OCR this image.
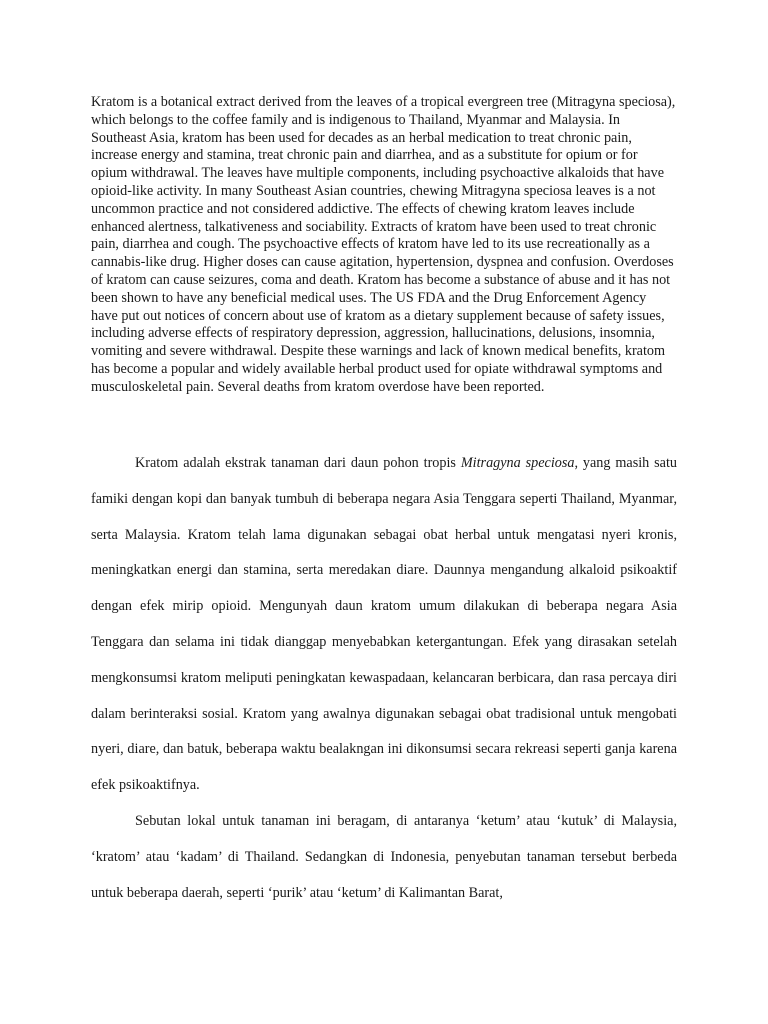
Kratom is a botanical extract derived from the leaves of a tropical evergreen tree (Mitragyna speciosa), which belongs to the coffee family and is indigenous to Thailand, Myanmar and Malaysia. In Southeast Asia, kratom has been used for decades as an herbal medication to treat chronic pain, increase energy and stamina, treat chronic pain and diarrhea, and as a substitute for opium or for opium withdrawal. The leaves have multiple components, including psychoactive alkaloids that have opioid-like activity. In many Southeast Asian countries, chewing Mitragyna speciosa leaves is a not uncommon practice and not considered addictive. The effects of chewing kratom leaves include enhanced alertness, talkativeness and sociability. Extracts of kratom have been used to treat chronic pain, diarrhea and cough. The psychoactive effects of kratom have led to its use recreationally as a cannabis-like drug. Higher doses can cause agitation, hypertension, dyspnea and confusion. Overdoses of kratom can cause seizures, coma and death. Kratom has become a substance of abuse and it has not been shown to have any beneficial medical uses. The US FDA and the Drug Enforcement Agency have put out notices of concern about use of kratom as a dietary supplement because of safety issues, including adverse effects of respiratory depression, aggression, hallucinations, delusions, insomnia, vomiting and severe withdrawal. Despite these warnings and lack of known medical benefits, kratom has become a popular and widely available herbal product used for opiate withdrawal symptoms and musculoskeletal pain. Several deaths from kratom overdose have been reported.

Kratom adalah ekstrak tanaman dari daun pohon tropis Mitragyna speciosa, yang masih satu famiki dengan kopi dan banyak tumbuh di beberapa negara Asia Tenggara seperti Thailand, Myanmar, serta Malaysia. Kratom telah lama digunakan sebagai obat herbal untuk mengatasi nyeri kronis, meningkatkan energi dan stamina, serta meredakan diare. Daunnya mengandung alkaloid psikoaktif dengan efek mirip opioid. Mengunyah daun kratom umum dilakukan di beberapa negara Asia Tenggara dan selama ini tidak dianggap menyebabkan ketergantungan. Efek yang dirasakan setelah mengkonsumsi kratom meliputi peningkatan kewaspadaan, kelancaran berbicara, dan rasa percaya diri dalam berinteraksi sosial. Kratom yang awalnya digunakan sebagai obat tradisional untuk mengobati nyeri, diare, dan batuk, beberapa waktu bealakngan ini dikonsumsi secara rekreasi seperti ganja karena efek psikoaktifnya.

Sebutan lokal untuk tanaman ini beragam, di antaranya ‘ketum’ atau ‘kutuk’ di Malaysia, ‘kratom’ atau ‘kadam’ di Thailand. Sedangkan di Indonesia, penyebutan tanaman tersebut berbeda untuk beberapa daerah, seperti ‘purik’ atau ‘ketum’ di Kalimantan Barat,
